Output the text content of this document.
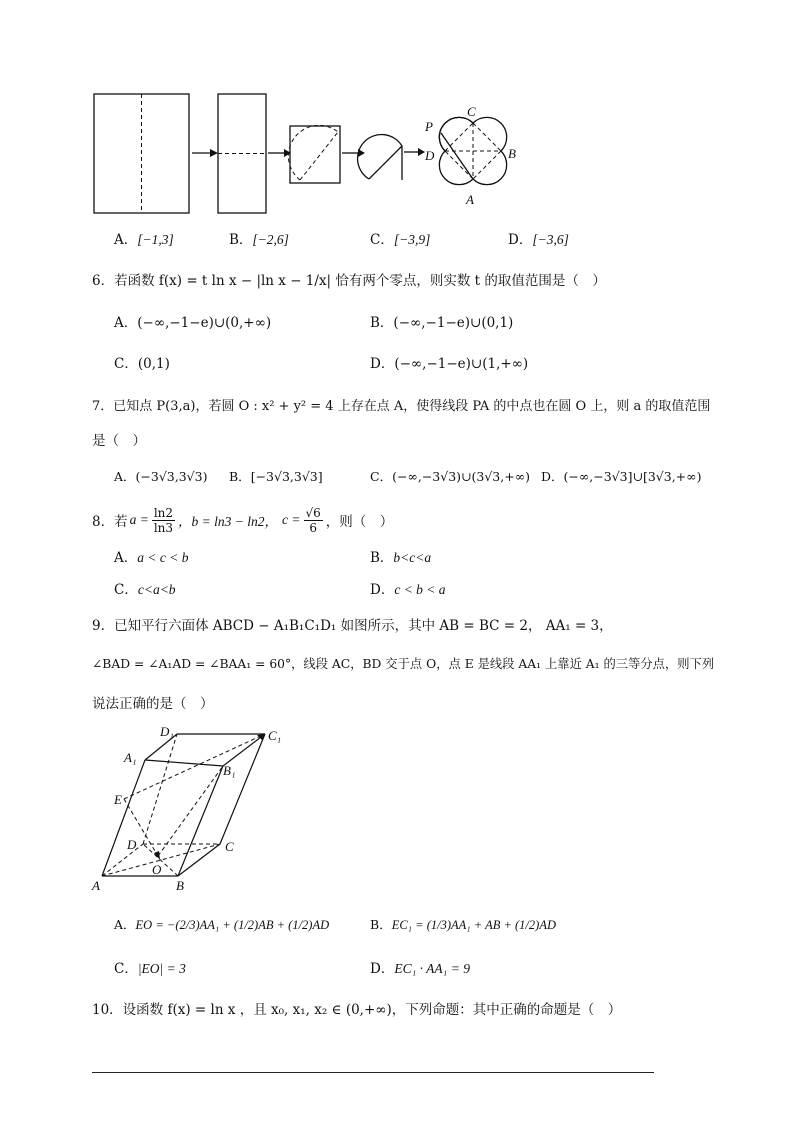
P
C
D	B
A
A．[−1,3]	B．[−2,6]	C．[−3,9]	D．[−3,6]
6．若函数 f(x) = t ln x − |ln x − 1/x| 恰有两个零点，则实数 t 的取值范围是（　）
A．(−∞,−1−e)∪(0,+∞)	B．(−∞,−1−e)∪(0,1)
C．(0,1)	D．(−∞,−1−e)∪(1,+∞)
7．已知点 P(3,a)，若圆 O : x² + y² = 4 上存在点 A，使得线段 PA 的中点也在圆 O 上，则 a 的取值范围
是（　）
A．(−3√3,3√3) B．[−3√3,3√3]	C．(−∞,−3√3)∪(3√3,+∞) D．(−∞,−3√3]∪[3√3,+∞)
8．若 $a = \frac{\ln 2}{\ln 3}$ ，b = ln3 − ln2， $c = \frac{√6}{6}$ ，则（　）
A．a < c < b	B．b<c<a
C．c<a<b	D．c < b < a
9．已知平行六面体 ABCD − A₁B₁C₁D₁ 如图所示，其中 AB = BC = 2， AA₁ = 3，
∠BAD = ∠A₁AD = ∠BAA₁ = 60°，线段 AC，BD 交于点 O，点 E 是线段 AA₁ 上靠近 A₁ 的三等分点，则下列
说法正确的是（　）
D₁	C₁
A₁
B₁
E
D	C
O
A	B
A．EO = −(2/3)AA₁ + (1/2)AB + (1/2)AD	B．EC₁ = (1/3)AA₁ + AB + (1/2)AD
C．|EO| = 3	D．EC₁ · AA₁ = 9
10．设函数 f(x) = ln x ，且 x₀, x₁, x₂ ∈ (0,+∞)，下列命题：其中正确的命题是（　）
